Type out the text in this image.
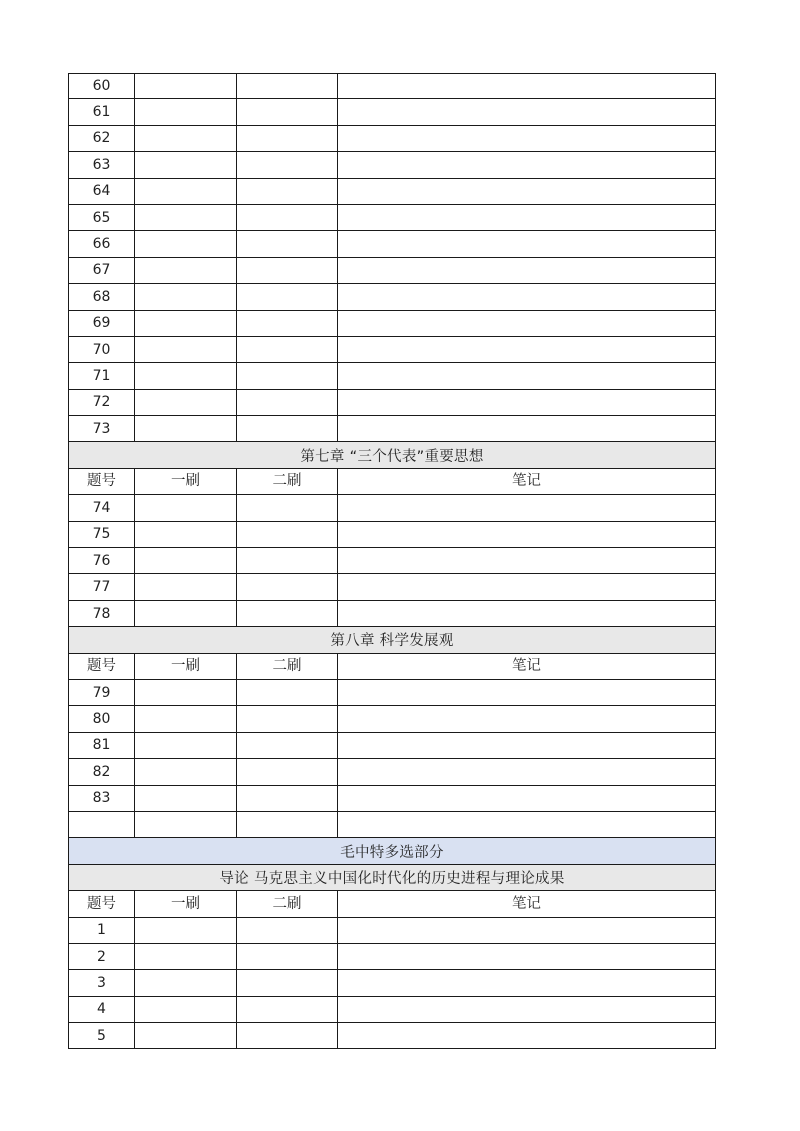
60
61
62
63
64
65
66
67
68
69
70
71
72
73
第七章 “三个代表”重要思想
题号	一刷	二刷	笔记
74
75
76
77
78
第八章 科学发展观
题号	一刷	二刷	笔记
79
80
81
82
83
毛中特多选部分
导论 马克思主义中国化时代化的历史进程与理论成果
题号	一刷	二刷	笔记
1
2
3
4
5
